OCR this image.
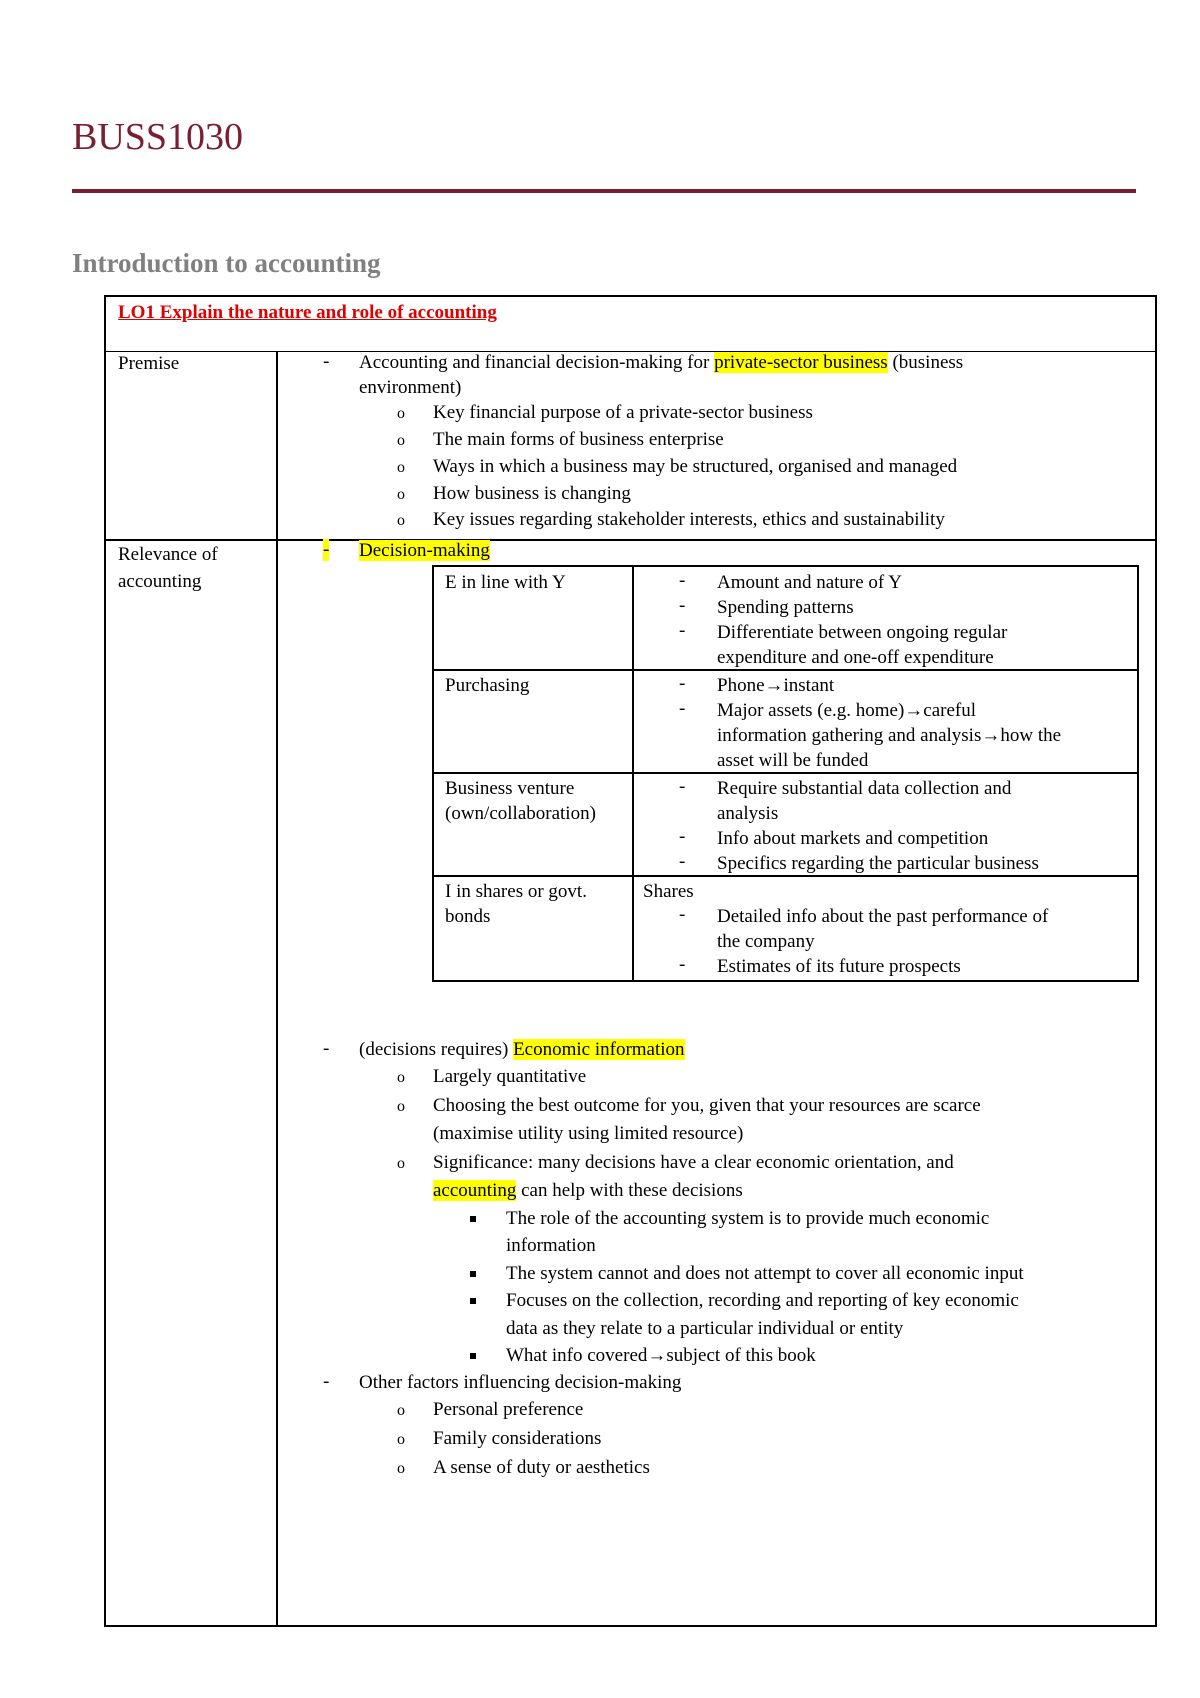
BUSS1030
Introduction to accounting
LO1 Explain the nature and role of accounting
Premise
Relevance of
accounting
- Accounting and financial decision-making for private-sector business (business
environment)
o Key financial purpose of a private-sector business
o The main forms of business enterprise
o Ways in which a business may be structured, organised and managed
o How business is changing
o Key issues regarding stakeholder interests, ethics and sustainability
- Decision-making
E in line with Y	- Amount and nature of Y
- Spending patterns
- Differentiate between ongoing regular
expenditure and one-off expenditure
Purchasing	- Phone→instant
- Major assets (e.g. home)→careful
information gathering and analysis→how the
asset will be funded
Business venture
(own/collaboration)
- Require substantial data collection and
analysis
- Info about markets and competition
- Specifics regarding the particular business
I in shares or govt.
bonds
Shares
- Detailed info about the past performance of
the company
- Estimates of its future prospects
- (decisions requires) Economic information
o Largely quantitative
o Choosing the best outcome for you, given that your resources are scarce
(maximise utility using limited resource)
o Significance: many decisions have a clear economic orientation, and
accounting can help with these decisions
The role of the accounting system is to provide much economic
information
The system cannot and does not attempt to cover all economic input
Focuses on the collection, recording and reporting of key economic
data as they relate to a particular individual or entity
What info covered→subject of this book
- Other factors influencing decision-making
o Personal preference
o Family considerations
o A sense of duty or aesthetics
